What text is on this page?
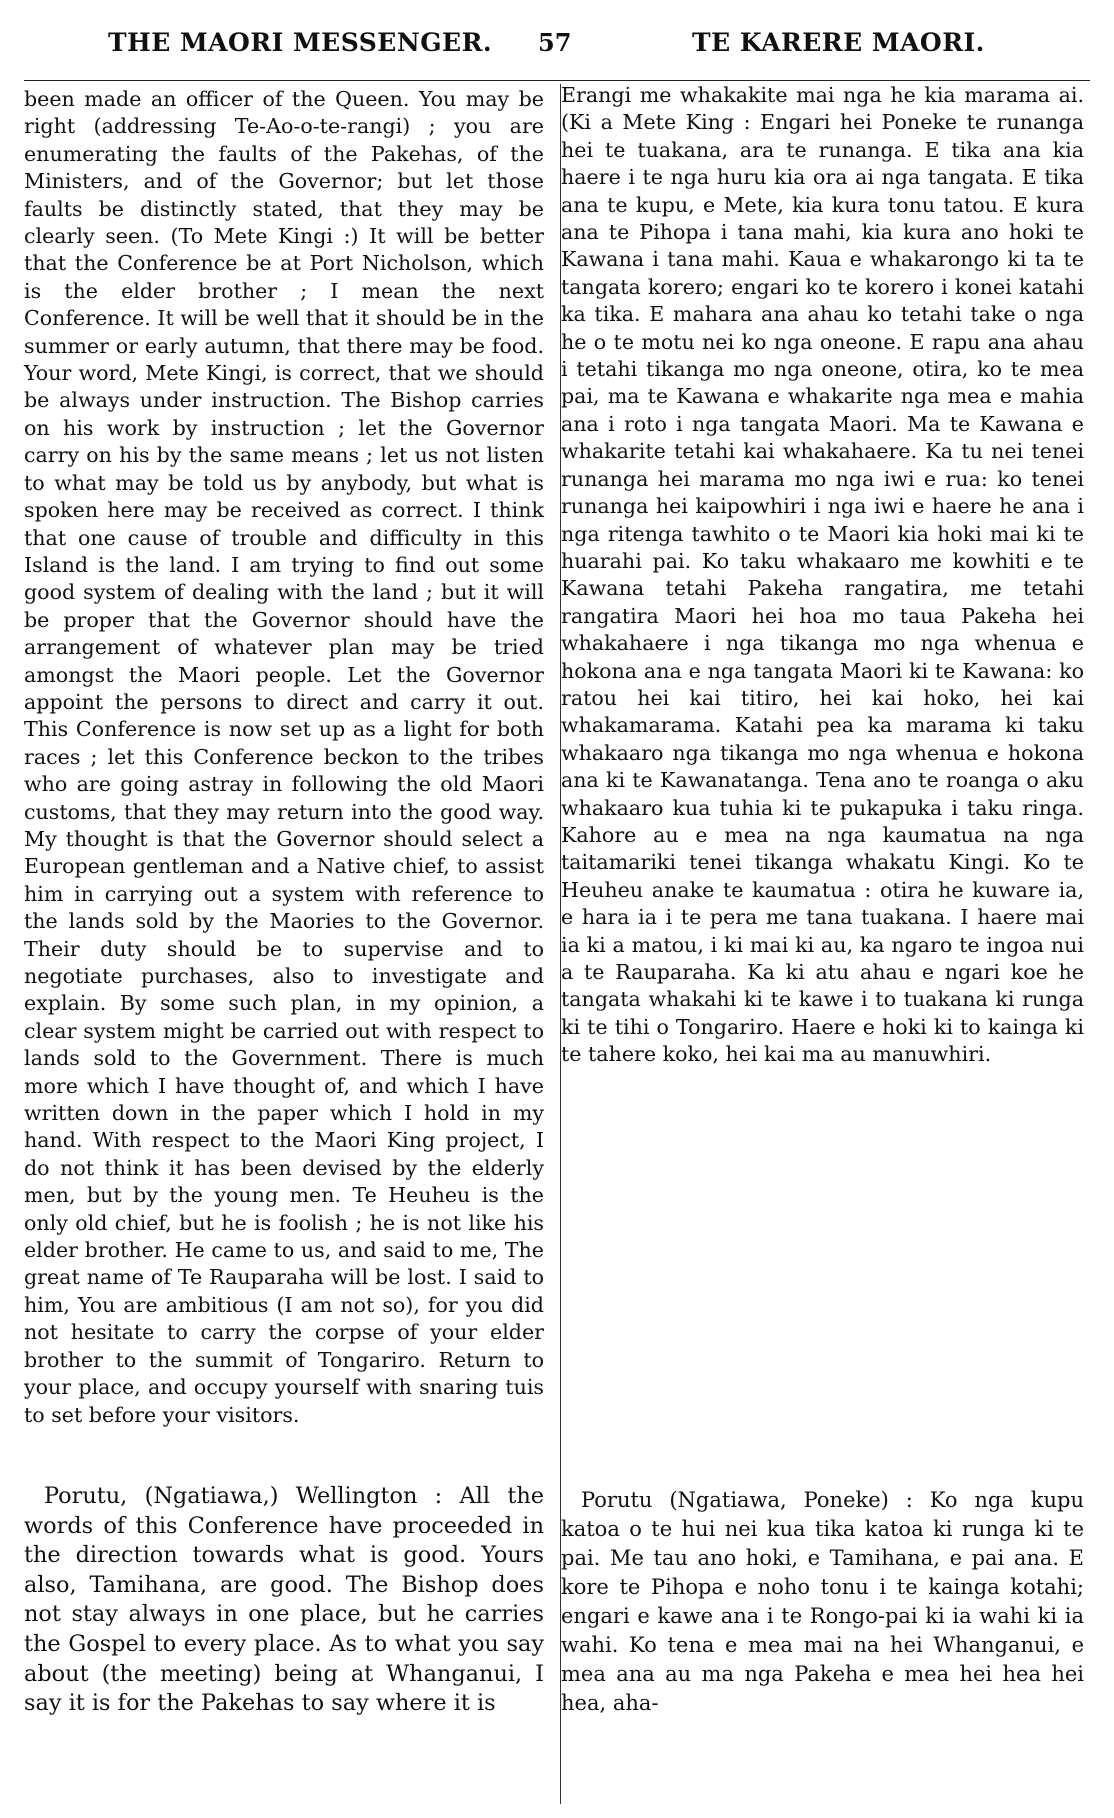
THE MAORI MESSENGER. 57	TE KARERE MAORI.

been made an officer of the Queen. You may be right (addressing Te-Ao-o-te-rangi) ; you are enumerating the faults of the Pakehas, of the Ministers, and of the Governor; but let those faults be distinctly stated, that they may be clearly seen. (To Mete Kingi :) It will be better that the Conference be at Port Nicholson, which is the elder brother ; I mean the next Conference. It will be well that it should be in the summer or early autumn, that there may be food. Your word, Mete Kingi, is correct, that we should be always under instruction. The Bishop carries on his work by instruction ; let the Governor carry on his by the same means ; let us not listen to what may be told us by anybody, but what is spoken here may be received as correct. I think that one cause of trouble and difficulty in this Island is the land. I am trying to find out some good system of dealing with the land ; but it will be proper that the Governor should have the arrangement of whatever plan may be tried amongst the Maori people. Let the Governor appoint the persons to direct and carry it out. This Conference is now set up as a light for both races ; let this Conference beckon to the tribes who are going astray in following the old Maori customs, that they may return into the good way. My thought is that the Governor should select a European gentleman and a Native chief, to assist him in carrying out a system with reference to the lands sold by the Maories to the Governor. Their duty should be to supervise and to negotiate purchases, also to investigate and explain. By some such plan, in my opinion, a clear system might be carried out with respect to lands sold to the Government. There is much more which I have thought of, and which I have written down in the paper which I hold in my hand. With respect to the Maori King project, I do not think it has been devised by the elderly men, but by the young men. Te Heuheu is the only old chief, but he is foolish ; he is not like his elder brother. He came to us, and said to me, The great name of Te Rauparaha will be lost. I said to him, You are ambitious (I am not so), for you did not hesitate to carry the corpse of your elder brother to the summit of Tongariro. Return to your place, and occupy yourself with snaring tuis to set before your visitors.

Porutu, (Ngatiawa,) Wellington : All the words of this Conference have proceeded in the direction towards what is good. Yours also, Tamihana, are good. The Bishop does not stay always in one place, but he carries the Gospel to every place. As to what you say about (the meeting) being at Whanganui, I say it is for the Pakehas to say where it is

Erangi me whakakite mai nga he kia marama ai. (Ki a Mete King : Engari hei Poneke te runanga hei te tuakana, ara te runanga. E tika ana kia haere i te nga huru kia ora ai nga tangata. E tika ana te kupu, e Mete, kia kura tonu tatou. E kura ana te Pihopa i tana mahi, kia kura ano hoki te Kawana i tana mahi. Kaua e whakarongo ki ta te tangata korero; engari ko te korero i konei katahi ka tika. E mahara ana ahau ko tetahi take o nga he o te motu nei ko nga oneone. E rapu ana ahau i tetahi tikanga mo nga oneone, otira, ko te mea pai, ma te Kawana e whakarite nga mea e mahia ana i roto i nga tangata Maori. Ma te Kawana e whakarite tetahi kai whakahaere. Ka tu nei tenei runanga hei marama mo nga iwi e rua: ko tenei runanga hei kaipowhiri i nga iwi e haere he ana i nga ritenga tawhito o te Maori kia hoki mai ki te huarahi pai. Ko taku whakaaro me kowhiti e te Kawana tetahi Pakeha rangatira, me tetahi rangatira Maori hei hoa mo taua Pakeha hei whakahaere i nga tikanga mo nga whenua e hokona ana e nga tangata Maori ki te Kawana: ko ratou hei kai titiro, hei kai hoko, hei kai whakamarama. Katahi pea ka marama ki taku whakaaro nga tikanga mo nga whenua e hokona ana ki te Kawanatanga. Tena ano te roanga o aku whakaaro kua tuhia ki te pukapuka i taku ringa. Kahore au e mea na nga kaumatua na nga taitamariki tenei tikanga whakatu Kingi. Ko te Heuheu anake te kaumatua : otira he kuware ia, e hara ia i te pera me tana tuakana. I haere mai ia ki a matou, i ki mai ki au, ka ngaro te ingoa nui a te Rauparaha. Ka ki atu ahau e ngari koe he tangata whakahi ki te kawe i to tuakana ki runga ki te tihi o Tongariro. Haere e hoki ki to kainga ki te tahere koko, hei kai ma au manuwhiri.

Porutu (Ngatiawa, Poneke) : Ko nga kupu katoa o te hui nei kua tika katoa ki runga ki te pai. Me tau ano hoki, e Tamihana, e pai ana. E kore te Pihopa e noho tonu i te kainga kotahi; engari e kawe ana i te Rongo-pai ki ia wahi ki ia wahi. Ko tena e mea mai na hei Whanganui, e mea ana au ma nga Pakeha e mea hei hea hei hea, aha-
